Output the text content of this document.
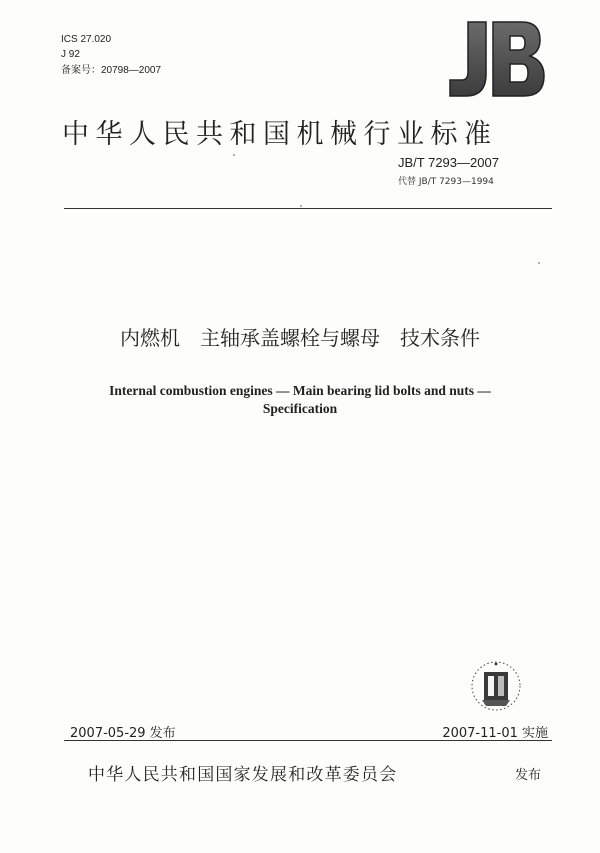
ICS 27.020
J 92
备案号：20798—2007
中华人民共和国机械行业标准
JB/T 7293—2007
代替 JB/T 7293—1994
内燃机　主轴承盖螺栓与螺母　技术条件
Internal combustion engines — Main bearing lid bolts and nuts —
Specification
2007-05-29 发布	2007-11-01 实施
中华人民共和国国家发展和改革委员会	发布
